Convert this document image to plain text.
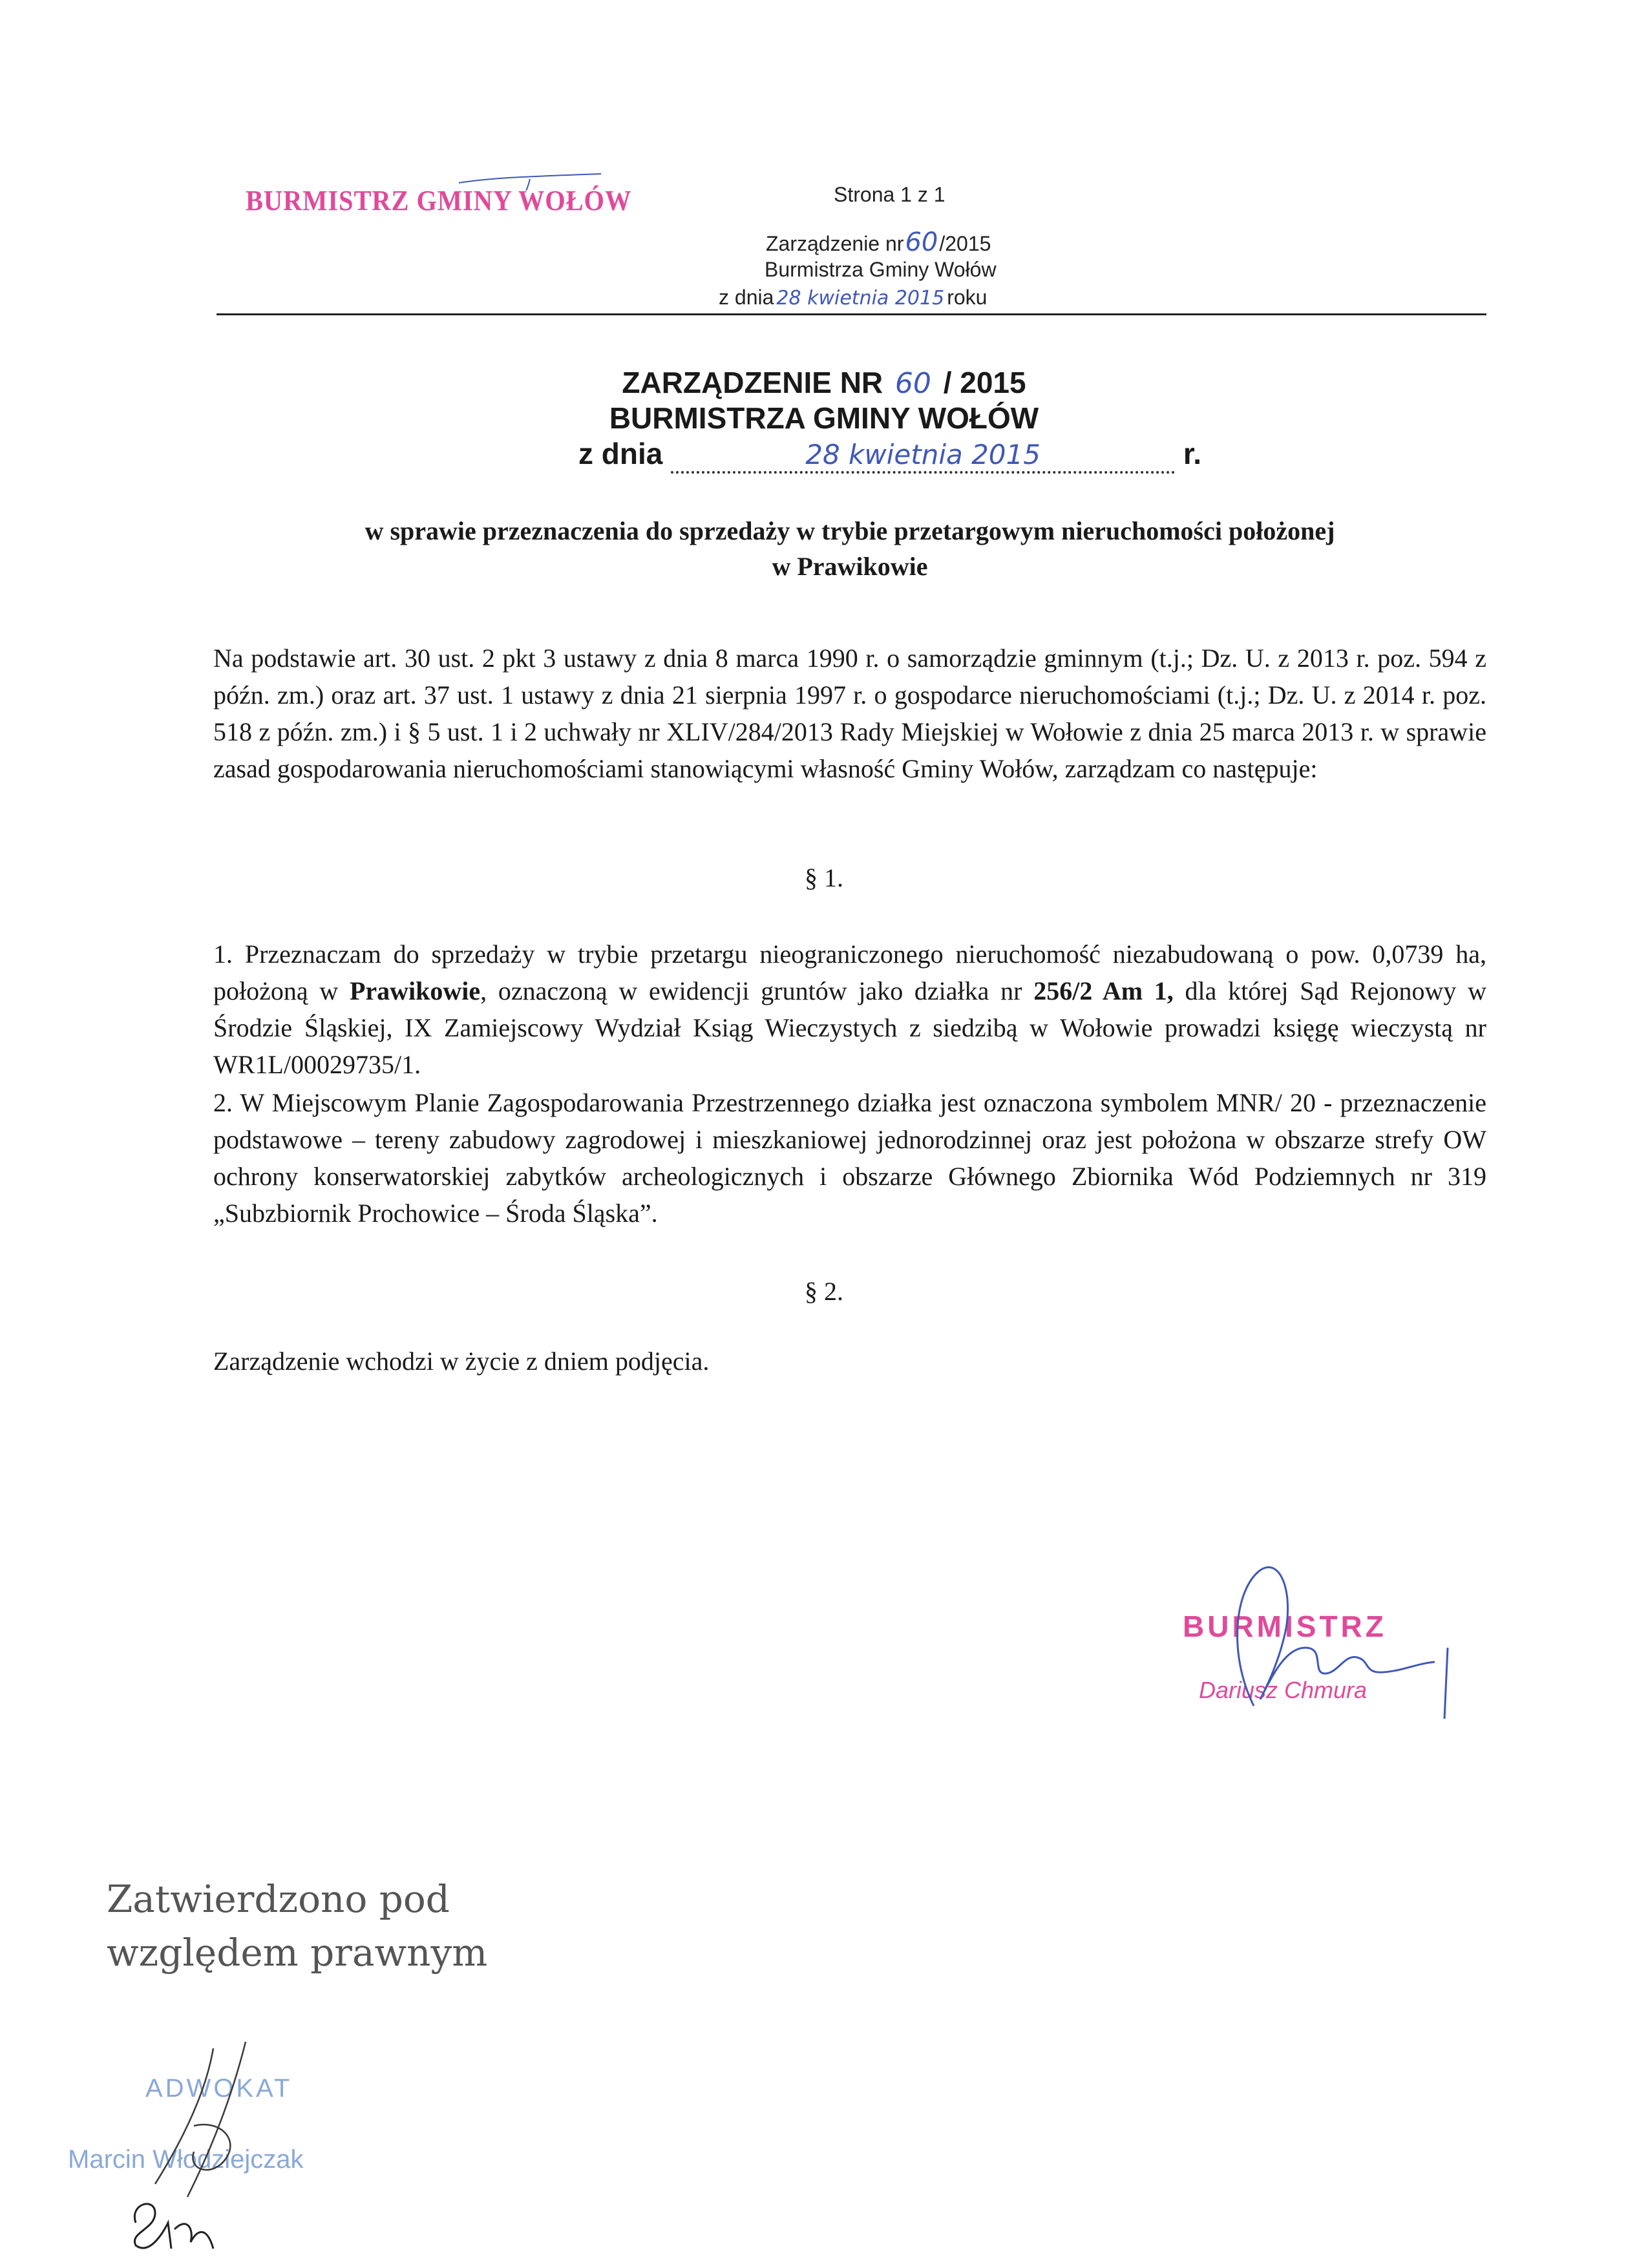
BURMISTRZ GMINY WOŁÓW	Strona 1 z 1
Zarządzenie nr60/2015
Burmistrza Gminy Wołów
z dnia 28 kwietnia 2015 roku
ZARZĄDZENIE NR 60 / 2015
BURMISTRZA GMINY WOŁÓW
z dnia	28 kwietnia 2015	r.
w sprawie przeznaczenia do sprzedaży w trybie przetargowym nieruchomości położonej
w Prawikowie
Na podstawie art. 30 ust. 2 pkt 3 ustawy z dnia 8 marca 1990 r. o samorządzie gminnym (t.j.; Dz. U. z 2013 r. poz. 594 z późn. zm.) oraz art. 37 ust. 1 ustawy z dnia 21 sierpnia 1997 r. o gospodarce nieruchomościami (t.j.; Dz. U. z 2014 r. poz. 518 z późn. zm.) i § 5 ust. 1 i 2 uchwały nr XLIV/284/2013 Rady Miejskiej w Wołowie z dnia 25 marca 2013 r. w sprawie zasad gospodarowania nieruchomościami stanowiącymi własność Gminy Wołów, zarządzam co następuje:
§ 1.
1. Przeznaczam do sprzedaży w trybie przetargu nieograniczonego nieruchomość niezabudowaną o pow. 0,0739 ha, położoną w Prawikowie, oznaczoną w ewidencji gruntów jako działka nr 256/2 Am 1, dla której Sąd Rejonowy w Środzie Śląskiej, IX Zamiejscowy Wydział Ksiąg Wieczystych z siedzibą w Wołowie prowadzi księgę wieczystą nr WR1L/00029735/1.
2. W Miejscowym Planie Zagospodarowania Przestrzennego działka jest oznaczona symbolem MNR/ 20 - przeznaczenie podstawowe – tereny zabudowy zagrodowej i mieszkaniowej jednorodzinnej oraz jest położona w obszarze strefy OW ochrony konserwatorskiej zabytków archeologicznych i obszarze Głównego Zbiornika Wód Podziemnych nr 319 „Subzbiornik Prochowice – Środa Śląska”.
§ 2.
Zarządzenie wchodzi w życie z dniem podjęcia.
BURMISTRZ
Dariusz Chmura
Zatwierdzono pod
względem prawnym
ADWOKAT
Marcin Włodziejczak
